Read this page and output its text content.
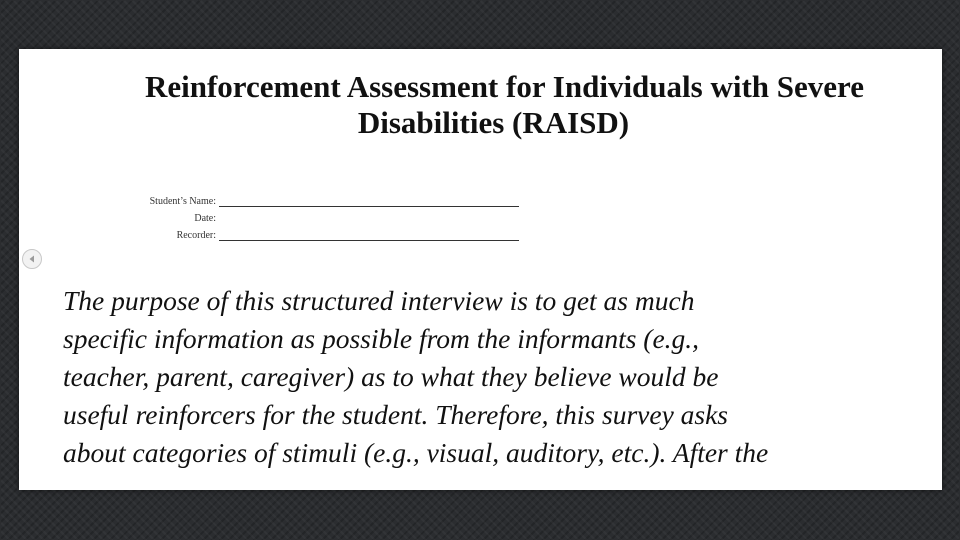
Reinforcement Assessment for Individuals with Severe
Disabilities (RAISD)
Student’s Name:
Date:
Recorder:

The purpose of this structured interview is to get as much
specific information as possible from the informants (e.g.,
teacher, parent, caregiver) as to what they believe would be
useful reinforcers for the student. Therefore, this survey asks
about categories of stimuli (e.g., visual, auditory, etc.). After the
